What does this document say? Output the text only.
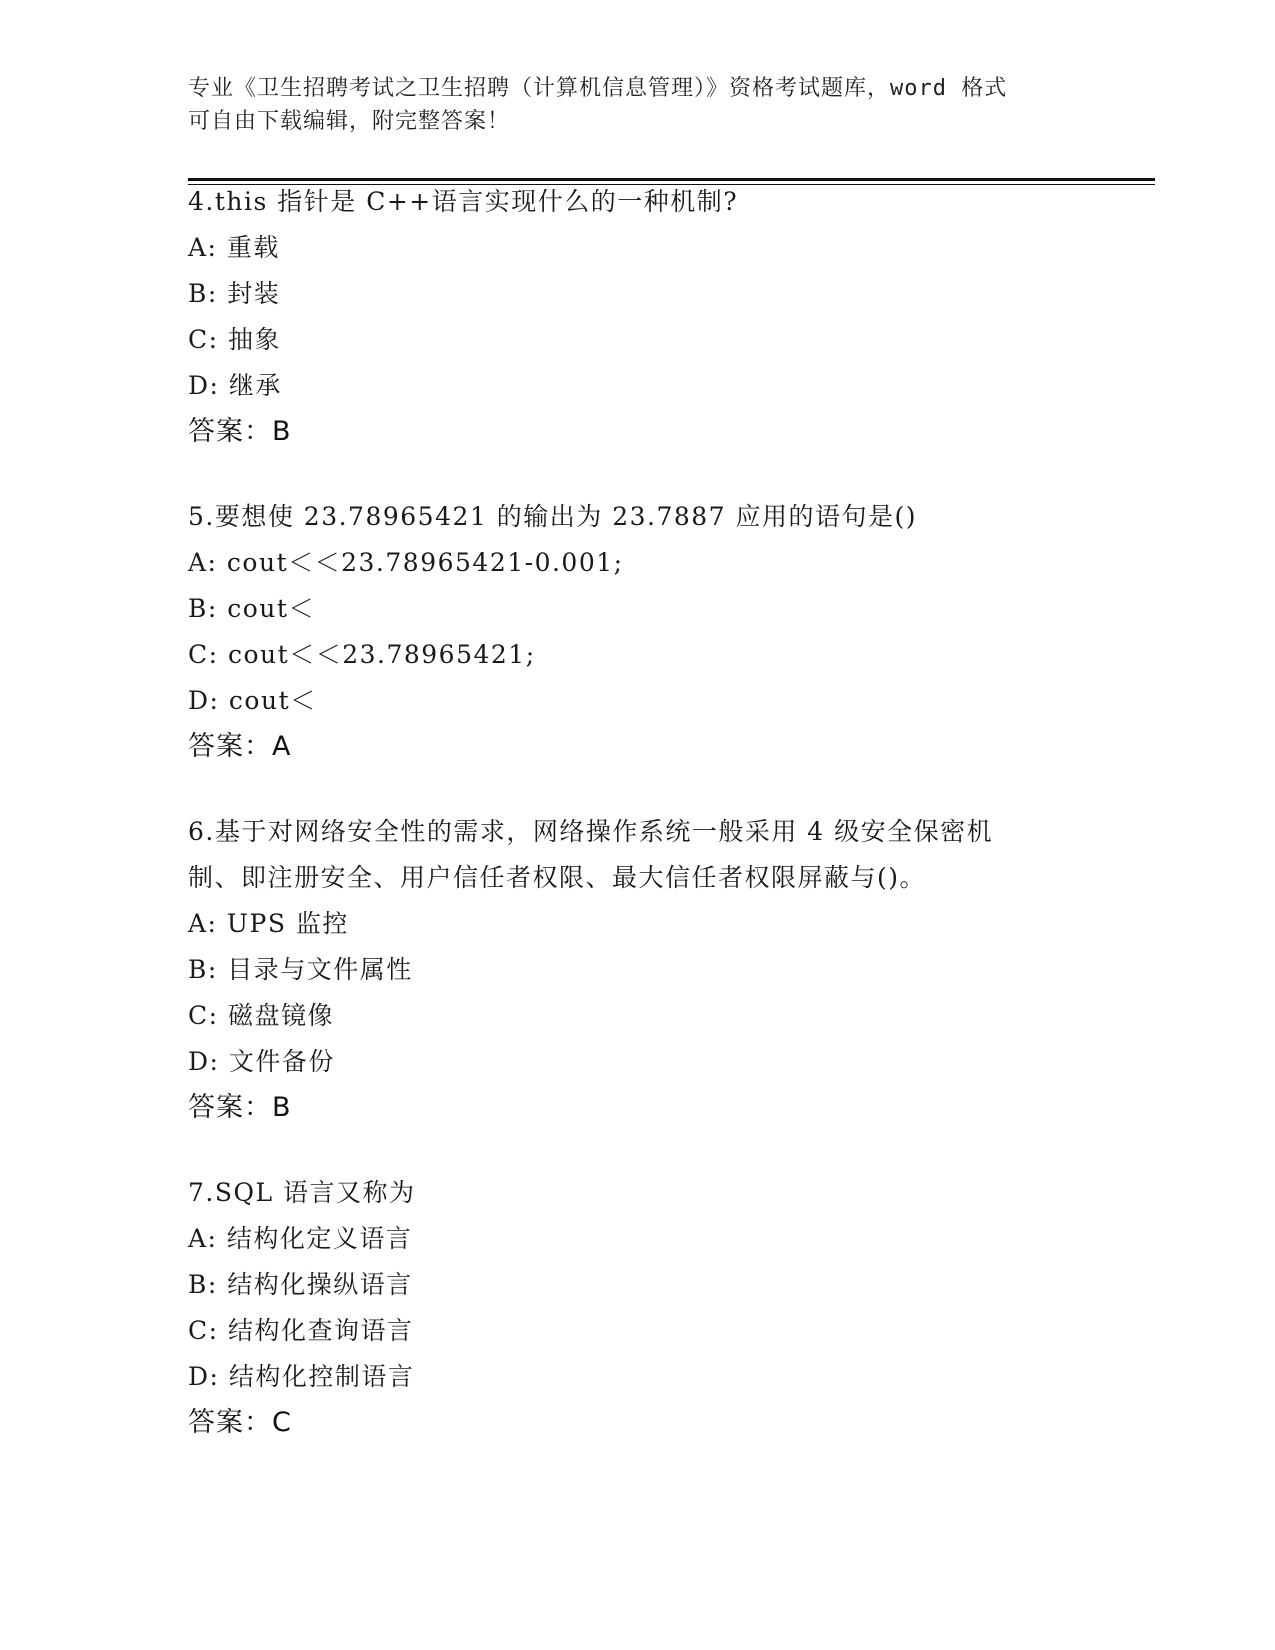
专业《卫生招聘考试之卫生招聘（计算机信息管理）》资格考试题库，word 格式
可自由下载编辑，附完整答案！
4.this 指针是 C++语言实现什么的一种机制?
A: 重载
B: 封装
C: 抽象
D: 继承
答案：B
5.要想使 23.78965421 的输出为 23.7887 应用的语句是()
A: cout＜＜23.78965421-0.001;
B: cout＜
C: cout＜＜23.78965421;
D: cout＜
答案：A
6.基于对网络安全性的需求，网络操作系统一般采用 4 级安全保密机
制、即注册安全、用户信任者权限、最大信任者权限屏蔽与()。
A: UPS 监控
B: 目录与文件属性
C: 磁盘镜像
D: 文件备份
答案：B
7.SQL 语言又称为
A: 结构化定义语言
B: 结构化操纵语言
C: 结构化查询语言
D: 结构化控制语言
答案：C
